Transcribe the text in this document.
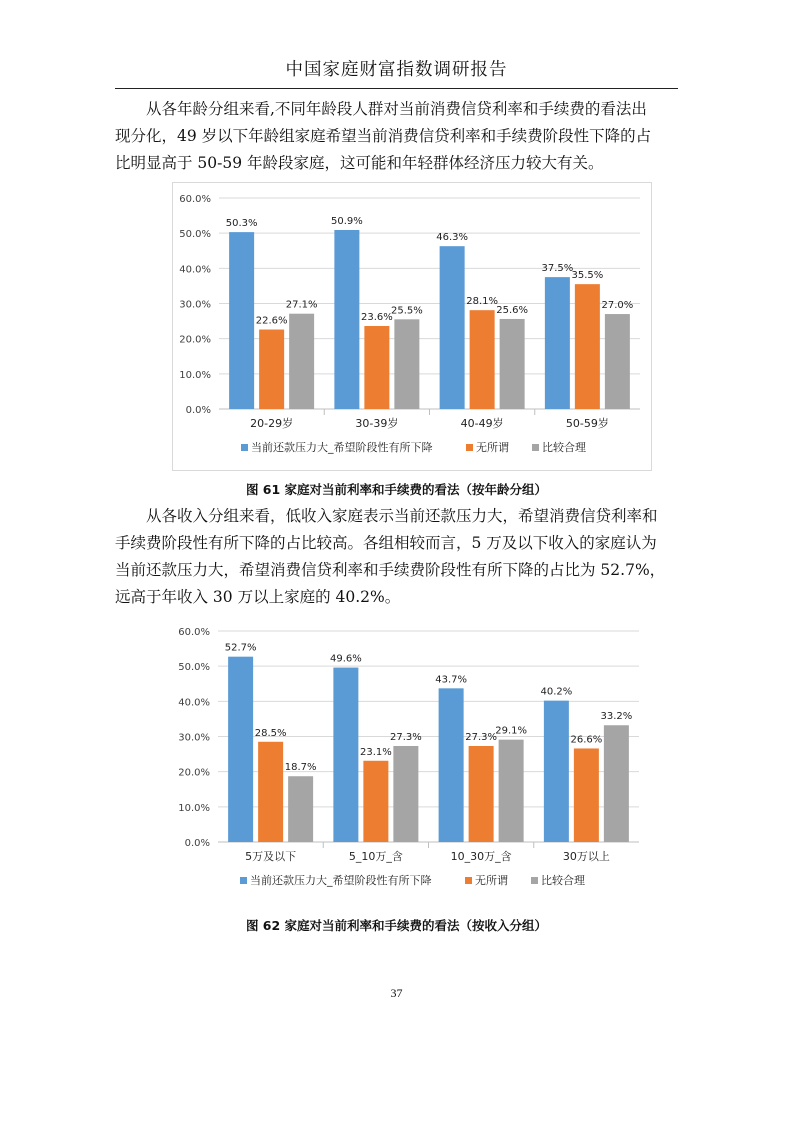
中国家庭财富指数调研报告
　　从各年龄分组来看,不同年龄段人群对当前消费信贷利率和手续费的看法出
现分化，49 岁以下年龄组家庭希望当前消费信贷利率和手续费阶段性下降的占
比明显高于 50-59 年龄段家庭，这可能和年轻群体经济压力较大有关。
0.0%
10.0%
20.0%
30.0%
40.0%
50.0%
60.0%
50.3%
22.6%
27.1%
20-29岁
50.9%
23.6%
25.5%
30-39岁
46.3%
28.1%
25.6%
40-49岁
37.5%
35.5%
27.0%
50-59岁
当前还款压力大_希望阶段性有所下降	无所谓	比较合理
图 61 家庭对当前利率和手续费的看法（按年龄分组）
　　从各收入分组来看，低收入家庭表示当前还款压力大，希望消费信贷利率和
手续费阶段性有所下降的占比较高。各组相较而言，5 万及以下收入的家庭认为
当前还款压力大，希望消费信贷利率和手续费阶段性有所下降的占比为 52.7%，
远高于年收入 30 万以上家庭的 40.2%。
0.0%
10.0%
20.0%
30.0%
40.0%
50.0%
60.0%
52.7%
28.5%
18.7%
5万及以下
49.6%
23.1%
27.3%
5_10万_含
43.7%
27.3%
29.1%
10_30万_含
40.2%
26.6%
33.2%
30万以上
当前还款压力大_希望阶段性有所下降	无所谓	比较合理
图 62 家庭对当前利率和手续费的看法（按收入分组）
37
